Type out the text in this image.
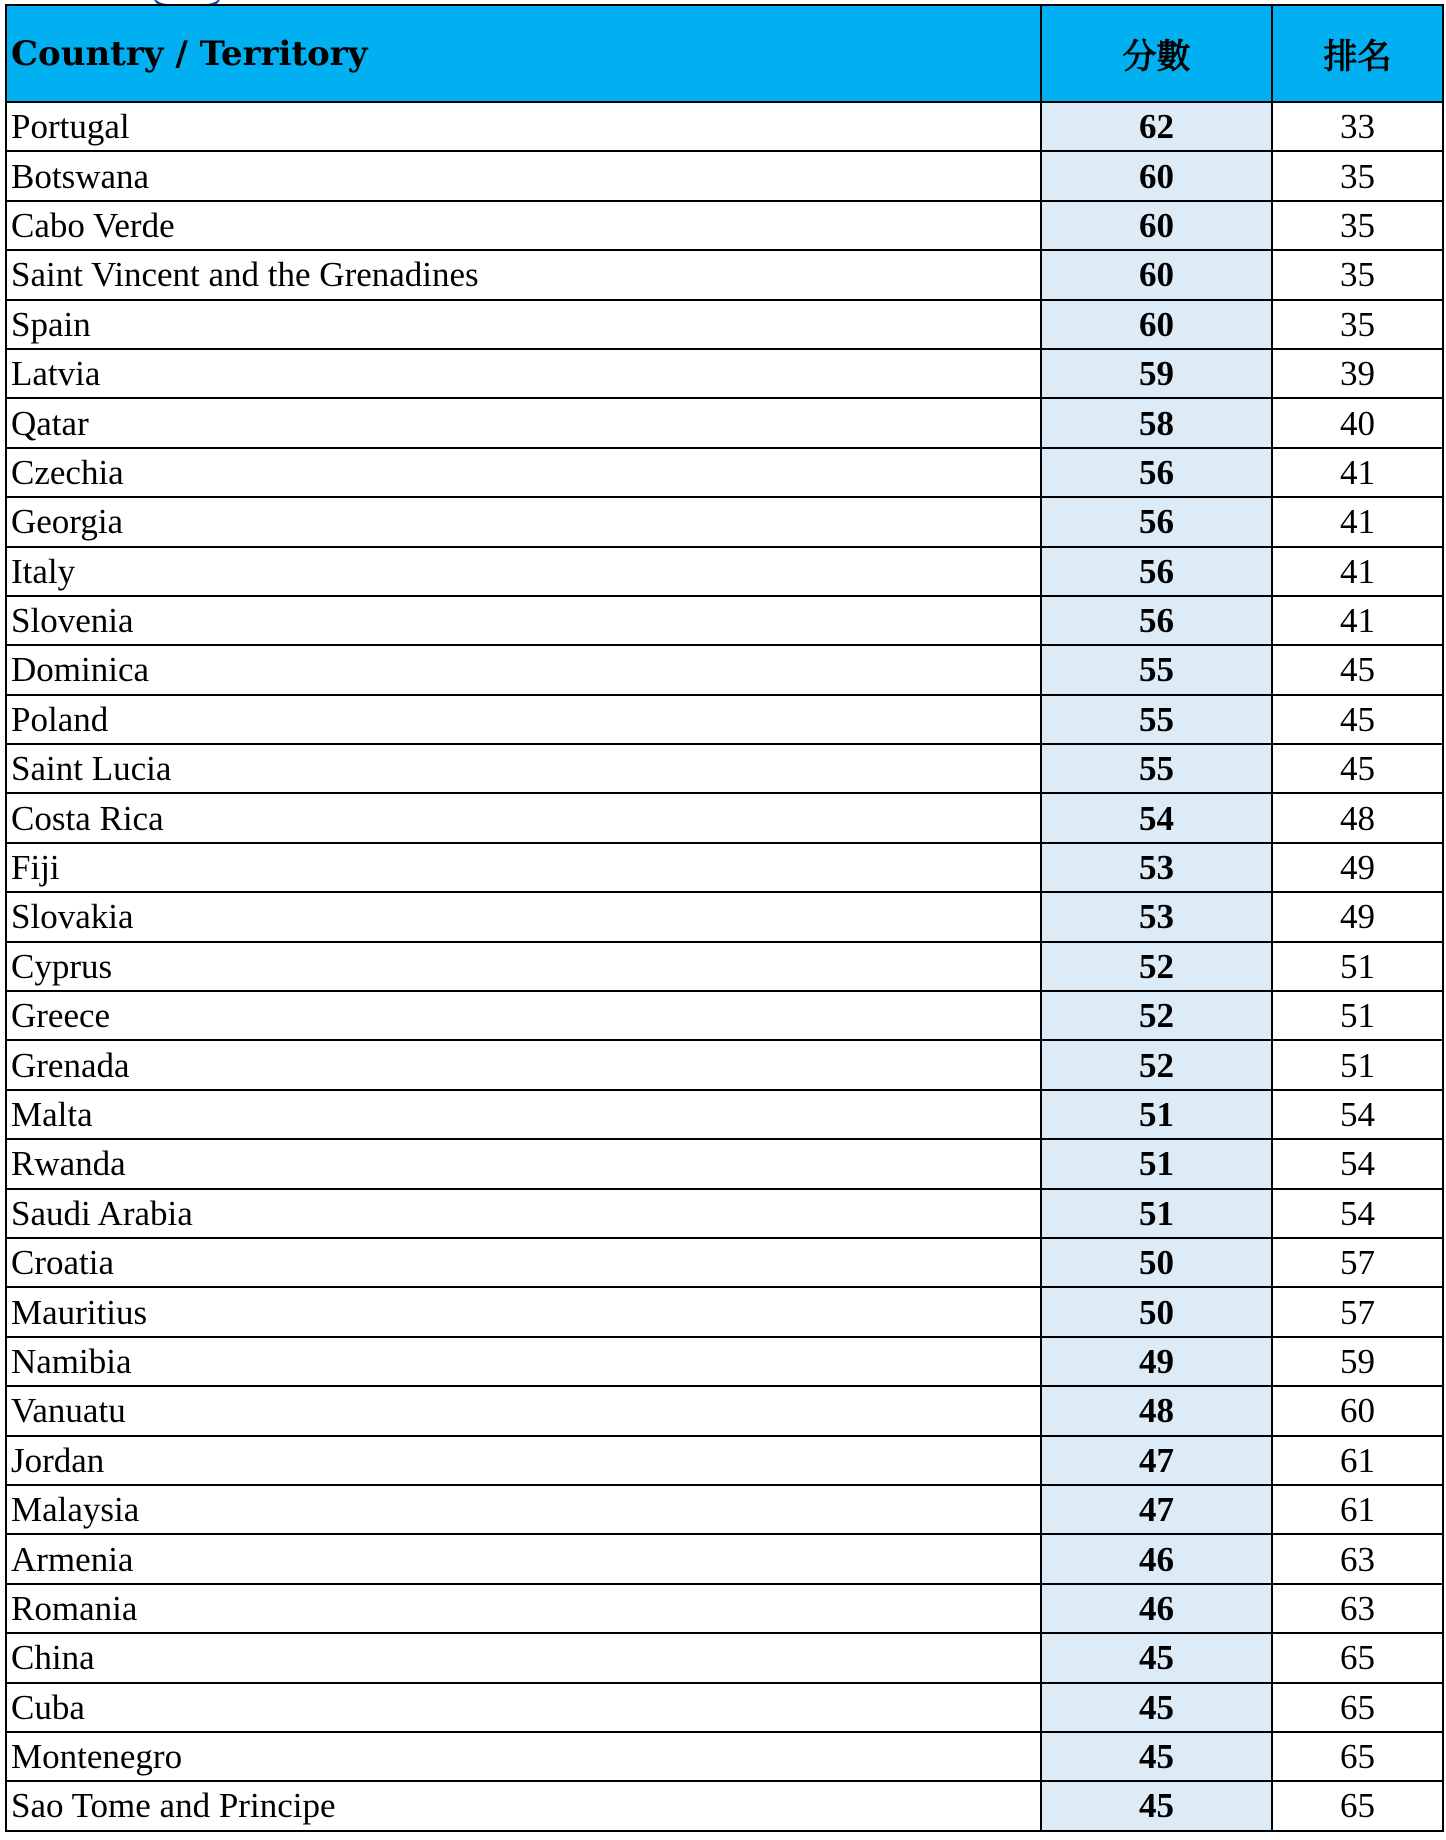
Country / Territory	分數	排名
Portugal	62	33
Botswana	60	35
Cabo Verde	60	35
Saint Vincent and the Grenadines	60	35
Spain	60	35
Latvia	59	39
Qatar	58	40
Czechia	56	41
Georgia	56	41
Italy	56	41
Slovenia	56	41
Dominica	55	45
Poland	55	45
Saint Lucia	55	45
Costa Rica	54	48
Fiji	53	49
Slovakia	53	49
Cyprus	52	51
Greece	52	51
Grenada	52	51
Malta	51	54
Rwanda	51	54
Saudi Arabia	51	54
Croatia	50	57
Mauritius	50	57
Namibia	49	59
Vanuatu	48	60
Jordan	47	61
Malaysia	47	61
Armenia	46	63
Romania	46	63
China	45	65
Cuba	45	65
Montenegro	45	65
Sao Tome and Principe	45	65
